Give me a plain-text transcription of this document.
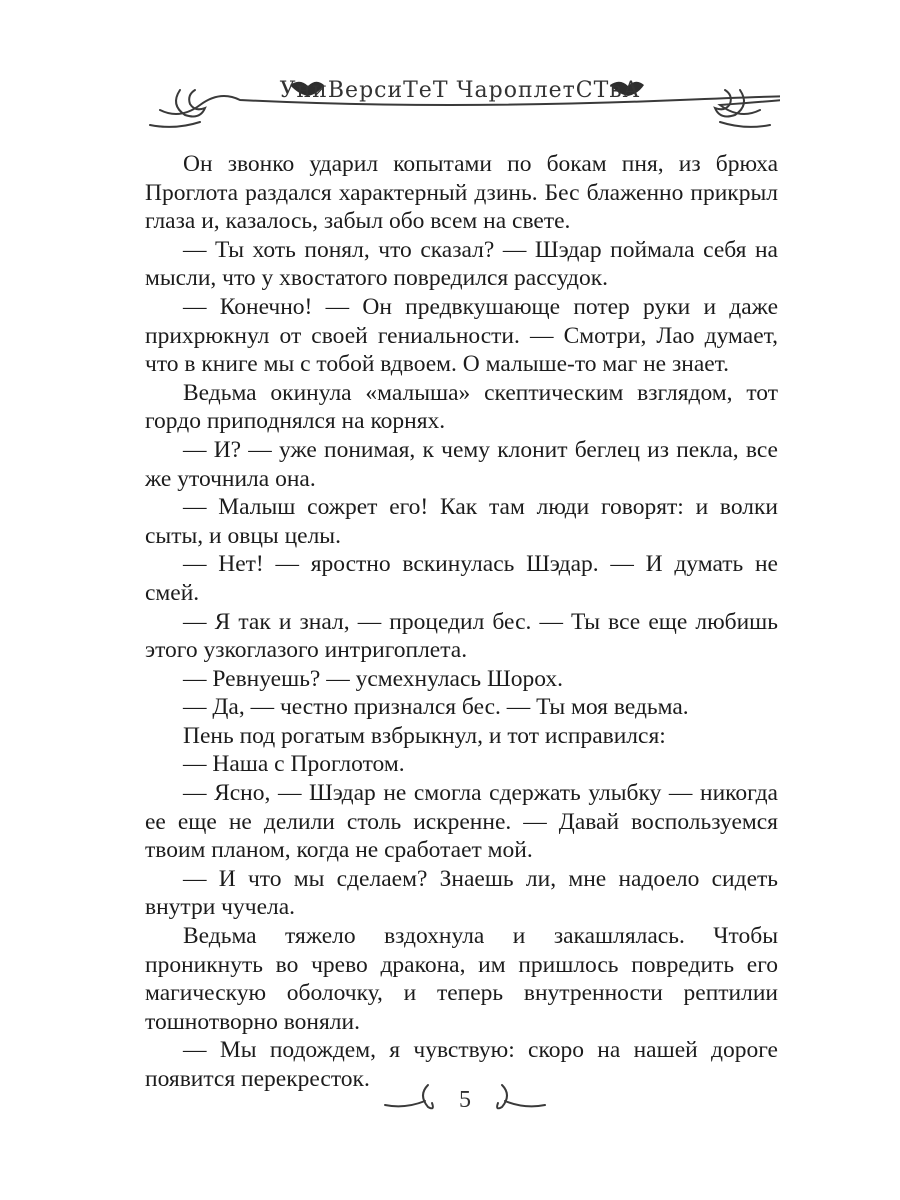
УниВерсиТеТ ЧароплетСТвА

Он звонко ударил копытами по бокам пня, из брюха Проглота раздался характерный дзинь. Бес блаженно прикрыл глаза и, казалось, забыл обо всем на свете.

— Ты хоть понял, что сказал? — Шэдар поймала себя на мысли, что у хвостатого повредился рассудок.

— Конечно! — Он предвкушающе потер руки и даже прихрюкнул от своей гениальности. — Смотри, Лао думает, что в книге мы с тобой вдвоем. О малыше-то маг не знает.

Ведьма окинула «малыша» скептическим взглядом, тот гордо приподнялся на корнях.

— И? — уже понимая, к чему клонит беглец из пекла, все же уточнила она.

— Малыш сожрет его! Как там люди говорят: и волки сыты, и овцы целы.

— Нет! — яростно вскинулась Шэдар. — И думать не смей.

— Я так и знал, — процедил бес. — Ты все еще любишь этого узкоглазого интригоплета.

— Ревнуешь? — усмехнулась Шорох.

— Да, — честно признался бес. — Ты моя ведьма.

Пень под рогатым взбрыкнул, и тот исправился:

— Наша с Проглотом.

— Ясно, — Шэдар не смогла сдержать улыбку — никогда ее еще не делили столь искренне. — Давай воспользуемся твоим планом, когда не сработает мой.

— И что мы сделаем? Знаешь ли, мне надоело сидеть внутри чучела.

Ведьма тяжело вздохнула и закашлялась. Чтобы проникнуть во чрево дракона, им пришлось повредить его магическую оболочку, и теперь внутренности рептилии тошнотворно воняли.

— Мы подождем, я чувствую: скоро на нашей дороге появится перекресток.

5
